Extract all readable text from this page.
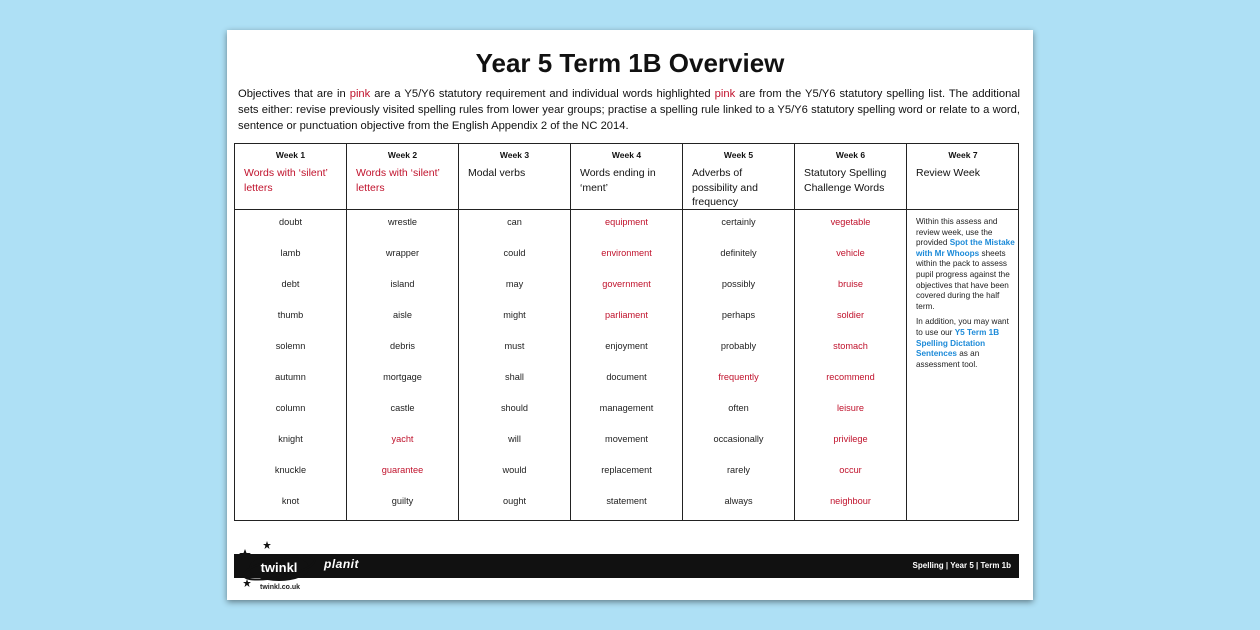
Year 5 Term 1B Overview
Objectives that are in pink are a Y5/Y6 statutory requirement and individual words highlighted pink are from the Y5/Y6 statutory spelling list. The additional sets either: revise previously visited spelling rules from lower year groups; practise a spelling rule linked to a Y5/Y6 statutory spelling word or relate to a word, sentence or punctuation objective from the English Appendix 2 of the NC 2014.
Week 1
Words with ‘silent’ letters
doubt
lamb
debt
thumb
solemn
autumn
column
knight
knuckle
knot
Week 2
Words with ‘silent’ letters
wrestle
wrapper
island
aisle
debris
mortgage
castle
yacht
guarantee
guilty
Week 3
Modal verbs
can
could
may
might
must
shall
should
will
would
ought
Week 4
Words ending in ‘ment’
equipment
environment
government
parliament
enjoyment
document
management
movement
replacement
statement
Week 5
Adverbs of possibility and frequency
certainly
definitely
possibly
perhaps
probably
frequently
often
occasionally
rarely
always
Week 6
Statutory Spelling Challenge Words
vegetable
vehicle
bruise
soldier
stomach
recommend
leisure
privilege
occur
neighbour
Week 7
Review Week

Within this assess and review week, use the provided Spot the Mistake with Mr Whoops sheets within the pack to assess pupil progress against the objectives that have been covered during the half term.

In addition, you may want to use our Y5 Term 1B Spelling Dictation Sentences as an assessment tool.

planit	Spelling | Year 5 | Term 1b
twinkl
twinkl.co.uk
